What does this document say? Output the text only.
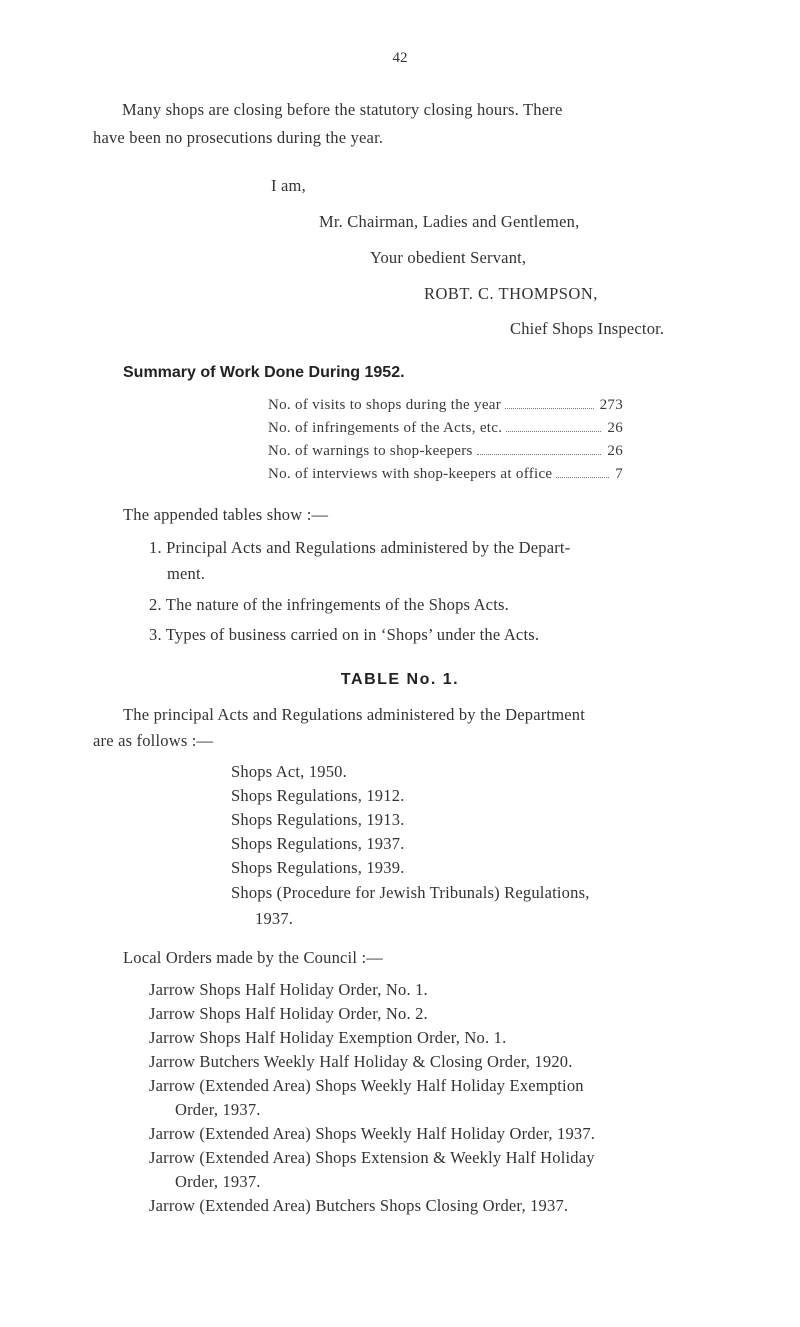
42
Many shops are closing before the statutory closing hours. There
have been no prosecutions during the year.
I am,
Mr. Chairman, Ladies and Gentlemen,
Your obedient Servant,
ROBT. C. THOMPSON,
Chief Shops Inspector.
Summary of Work Done During 1952.
No. of visits to shops during the year	273
No. of infringements of the Acts, etc.	26
No. of warnings to shop-keepers	26
No. of interviews with shop-keepers at office	7
The appended tables show :—
1. Principal Acts and Regulations administered by the Depart-
ment.
2. The nature of the infringements of the Shops Acts.
3. Types of business carried on in ‘Shops’ under the Acts.
TABLE No. 1.
The principal Acts and Regulations administered by the Department
are as follows :—
Shops Act, 1950.
Shops Regulations, 1912.
Shops Regulations, 1913.
Shops Regulations, 1937.
Shops Regulations, 1939.
Shops (Procedure for Jewish Tribunals) Regulations,
1937.
Local Orders made by the Council :—
Jarrow Shops Half Holiday Order, No. 1.
Jarrow Shops Half Holiday Order, No. 2.
Jarrow Shops Half Holiday Exemption Order, No. 1.
Jarrow Butchers Weekly Half Holiday & Closing Order, 1920.
Jarrow (Extended Area) Shops Weekly Half Holiday Exemption
Order, 1937.
Jarrow (Extended Area) Shops Weekly Half Holiday Order, 1937.
Jarrow (Extended Area) Shops Extension & Weekly Half Holiday
Order, 1937.
Jarrow (Extended Area) Butchers Shops Closing Order, 1937.
